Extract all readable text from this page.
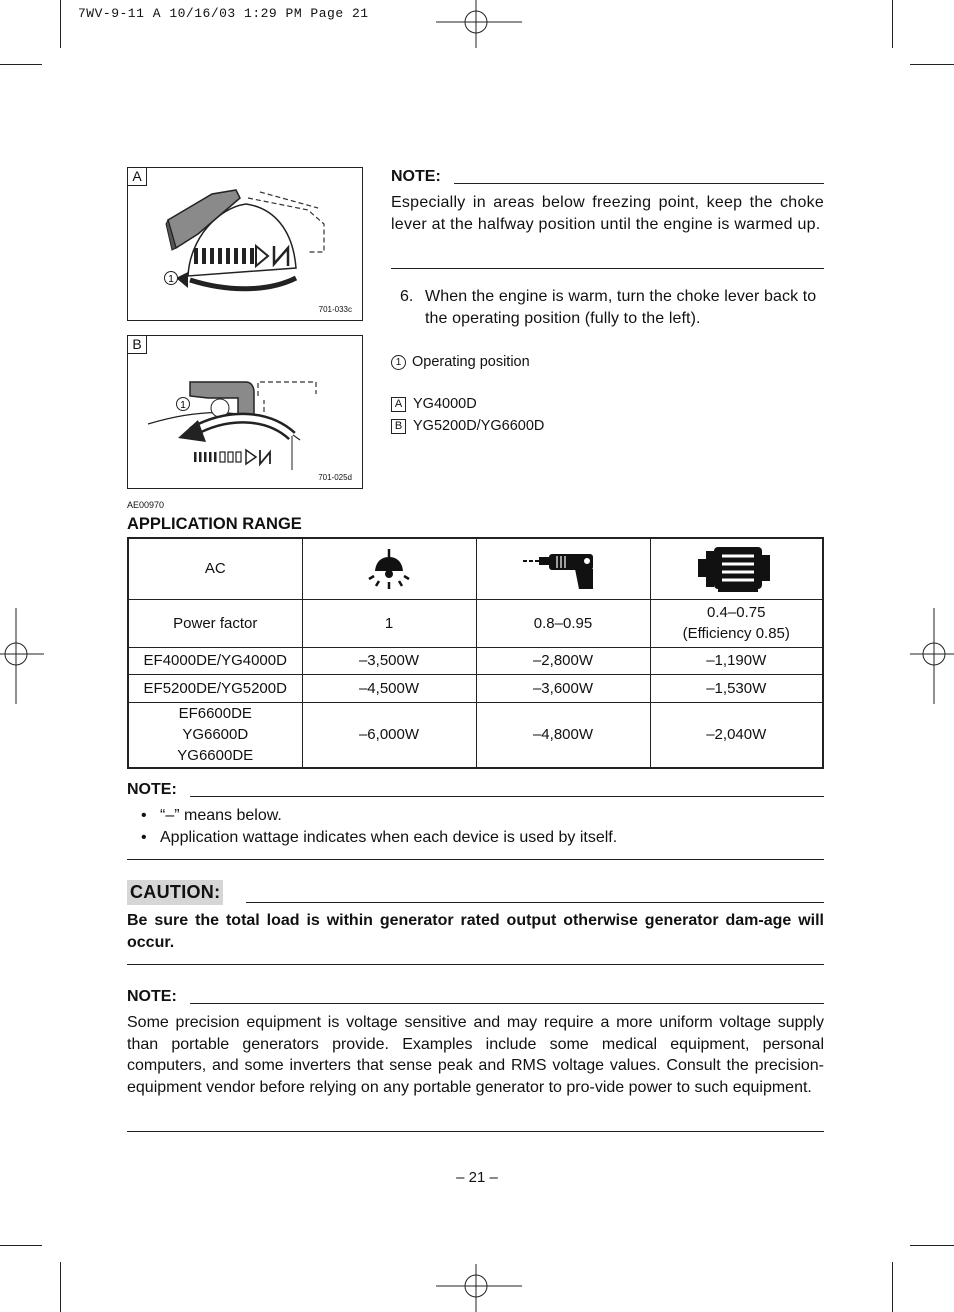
7WV-9-11 A 10/16/03 1:29 PM Page 21
A
1
701-033c
B
1
701-025d
NOTE:
Especially in areas below freezing point, keep the choke lever at the halfway position until the engine is warmed up.
6. When the engine is warm, turn the choke lever back to the operating position (fully to the left).
1 Operating position
A YG4000D
B YG5200D/YG6600D
AE00970
APPLICATION RANGE
AC	

Power factor	1	0.8–0.95	0.4–0.75
(Efficiency 0.85)

EF4000DE/YG4000D	–3,500W	–2,800W	–1,190W
EF5200DE/YG5200D	–4,500W	–3,600W	–1,530W

EF6600DE
YG6600D
YG6600DE	–6,000W	–4,800W	–2,040W
NOTE:
• “–” means below.
• Application wattage indicates when each device is used by itself.
CAUTION:
Be sure the total load is within generator rated output otherwise generator dam-age will occur.
NOTE:
Some precision equipment is voltage sensitive and may require a more uniform voltage supply than portable generators provide. Examples include some medical equipment, personal computers, and some inverters that sense peak and RMS voltage values. Consult the precision-equipment vendor before relying on any portable generator to pro-vide power to such equipment.
– 21 –
